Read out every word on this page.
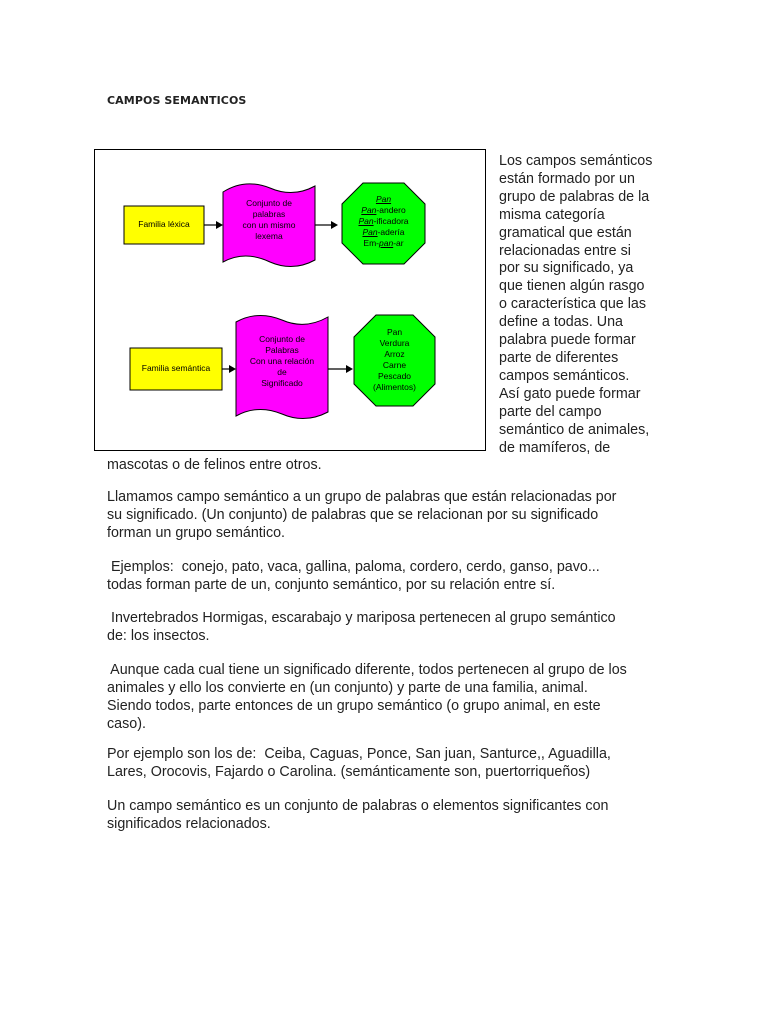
CAMPOS SEMANTICOS
Familia léxica
Conjunto de
palabras
con un mismo
lexema
Pan
Pan-andero
Pan-ificadora
Pan-adería
Em-pan-ar
Familia semántica
Conjunto de
Palabras
Con una relación
de
Significado
Pan
Verdura
Arroz
Carne
Pescado
(Alimentos)
Los campos semánticos
están formado por un
grupo de palabras de la
misma categoría
gramatical que están
relacionadas entre si
por su significado, ya
que tienen algún rasgo
o característica que las
define a todas. Una
palabra puede formar
parte de diferentes
campos semánticos.
Así gato puede formar
parte del campo
semántico de animales,
de mamíferos, de
mascotas o de felinos entre otros.
Llamamos campo semántico a un grupo de palabras que están relacionadas por
su significado. (Un conjunto) de palabras que se relacionan por su significado
forman un grupo semántico.
Ejemplos:  conejo, pato, vaca, gallina, paloma, cordero, cerdo, ganso, pavo...
todas forman parte de un, conjunto semántico, por su relación entre sí.
Invertebrados Hormigas, escarabajo y mariposa pertenecen al grupo semántico
de: los insectos.
Aunque cada cual tiene un significado diferente, todos pertenecen al grupo de los
animales y ello los convierte en (un conjunto) y parte de una familia, animal.
Siendo todos, parte entonces de un grupo semántico (o grupo animal, en este
caso).
Por ejemplo son los de:  Ceiba, Caguas, Ponce, San juan, Santurce,, Aguadilla,
Lares, Orocovis, Fajardo o Carolina. (semánticamente son, puertorriqueños)
Un campo semántico es un conjunto de palabras o elementos significantes con
significados relacionados.
